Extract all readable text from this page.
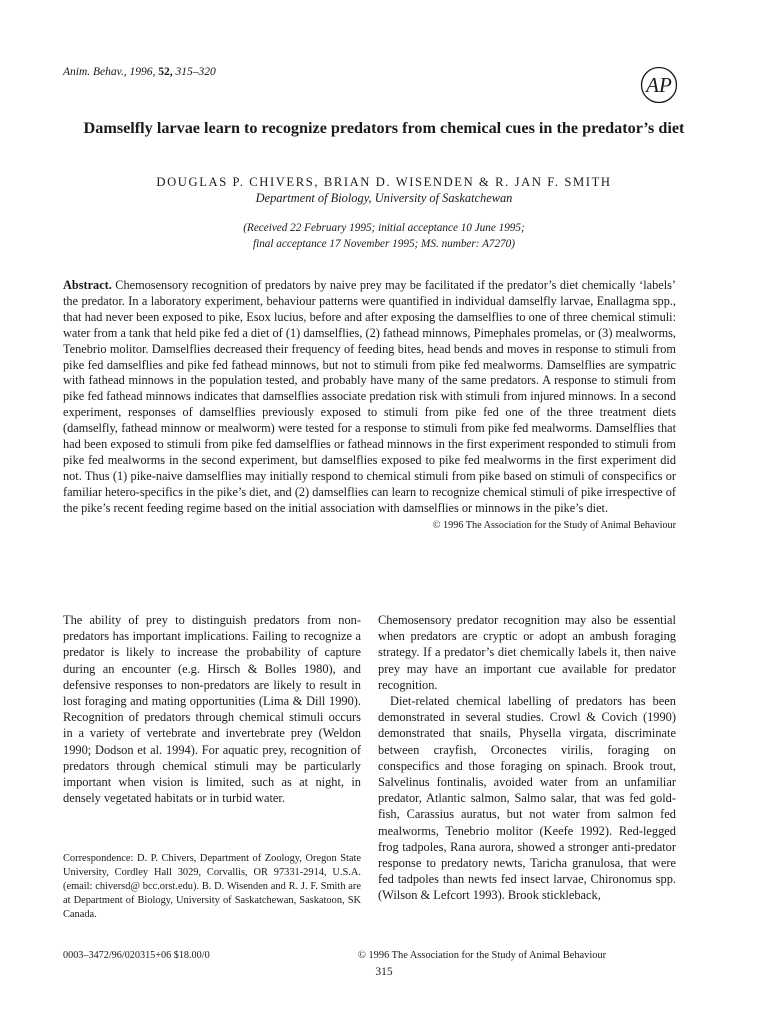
Anim. Behav., 1996, 52, 315–320
AP
Damselfly larvae learn to recognize predators from chemical cues in the predator’s diet
DOUGLAS P. CHIVERS, BRIAN D. WISENDEN & R. JAN F. SMITH
Department of Biology, University of Saskatchewan
(Received 22 February 1995; initial acceptance 10 June 1995;
final acceptance 17 November 1995; MS. number: A7270)
Abstract. Chemosensory recognition of predators by naive prey may be facilitated if the predator’s diet chemically ‘labels’ the predator. In a laboratory experiment, behaviour patterns were quantified in individual damselfly larvae, Enallagma spp., that had never been exposed to pike, Esox lucius, before and after exposing the damselflies to one of three chemical stimuli: water from a tank that held pike fed a diet of (1) damselflies, (2) fathead minnows, Pimephales promelas, or (3) mealworms, Tenebrio molitor. Damselflies decreased their frequency of feeding bites, head bends and moves in response to stimuli from pike fed damselflies and pike fed fathead minnows, but not to stimuli from pike fed mealworms. Damselflies are sympatric with fathead minnows in the population tested, and probably have many of the same predators. A response to stimuli from pike fed fathead minnows indicates that damselflies associate predation risk with stimuli from injured minnows. In a second experiment, responses of damselflies previously exposed to stimuli from pike fed one of the three treatment diets (damselfly, fathead minnow or mealworm) were tested for a response to stimuli from pike fed mealworms. Damselflies that had been exposed to stimuli from pike fed damselflies or fathead minnows in the first experiment responded to stimuli from pike fed mealworms in the second experiment, but damselflies exposed to pike fed mealworms in the first experiment did not. Thus (1) pike-naive damselflies may initially respond to chemical stimuli from pike based on stimuli of conspecifics or familiar hetero-specifics in the pike’s diet, and (2) damselflies can learn to recognize chemical stimuli of pike irrespective of the pike’s recent feeding regime based on the initial association with damselflies or minnows in the pike’s diet.
© 1996 The Association for the Study of Animal Behaviour

The ability of prey to distinguish predators from non-predators has important implications. Failing to recognize a predator is likely to increase the probability of capture during an encounter (e.g. Hirsch & Bolles 1980), and defensive responses to non-predators are likely to result in lost foraging and mating opportunities (Lima & Dill 1990). Recognition of predators through chemical stimuli occurs in a variety of vertebrate and invertebrate prey (Weldon 1990; Dodson et al. 1994). For aquatic prey, recognition of predators through chemical stimuli may be particularly important when vision is limited, such as at night, in densely vegetated habitats or in turbid water.

Chemosensory predator recognition may also be essential when predators are cryptic or adopt an ambush foraging strategy. If a predator’s diet chemically labels it, then naive prey may have an important cue available for predator recognition.

Diet-related chemical labelling of predators has been demonstrated in several studies. Crowl & Covich (1990) demonstrated that snails, Physella virgata, discriminate between crayfish, Orconectes virilis, foraging on conspecifics and those foraging on spinach. Brook trout, Salvelinus fontinalis, avoided water from an unfamiliar predator, Atlantic salmon, Salmo salar, that was fed gold-fish, Carassius auratus, but not water from salmon fed mealworms, Tenebrio molitor (Keefe 1992). Red-legged frog tadpoles, Rana aurora, showed a stronger anti-predator response to predatory newts, Taricha granulosa, that were fed tadpoles than newts fed insect larvae, Chironomus spp. (Wilson & Lefcort 1993). Brook stickleback,

Correspondence: D. P. Chivers, Department of Zoology, Oregon State University, Cordley Hall 3029, Corvallis, OR 97331-2914, U.S.A. (email: chiversd@ bcc.orst.edu). B. D. Wisenden and R. J. F. Smith are at Department of Biology, University of Saskatchewan, Saskatoon, SK Canada.
0003–3472/96/020315+06 $18.00/0	© 1996 The Association for the Study of Animal Behaviour
315
